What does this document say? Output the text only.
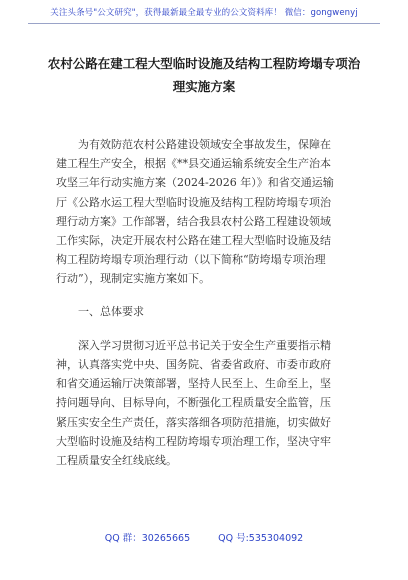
关注头条号"公文研究"，获得最新最全最专业的公文资料库！ 微信：gongwenyj
农村公路在建工程大型临时设施及结构工程防垮塌专项治
理实施方案

为有效防范农村公路建设领域安全事故发生，保障在
建工程生产安全，根据《**县交通运输系统安全生产治本
攻坚三年行动实施方案（2024-2026 年）》和省交通运输
厅《公路水运工程大型临时设施及结构工程防垮塌专项治
理行动方案》工作部署，结合我县农村公路工程建设领域
工作实际，决定开展农村公路在建工程大型临时设施及结
构工程防垮塌专项治理行动（以下简称“防垮塌专项治理
行动”），现制定实施方案如下。

一、总体要求

深入学习贯彻习近平总书记关于安全生产重要指示精
神，认真落实党中央、国务院、省委省政府、市委市政府
和省交通运输厅决策部署，坚持人民至上、生命至上，坚
持问题导向、目标导向，不断强化工程质量安全监管，压
紧压实安全生产责任，落实落细各项防范措施，切实做好
大型临时设施及结构工程防垮塌专项治理工作，坚决守牢
工程质量安全红线底线。

QQ 群：30265665	QQ 号:535304092
